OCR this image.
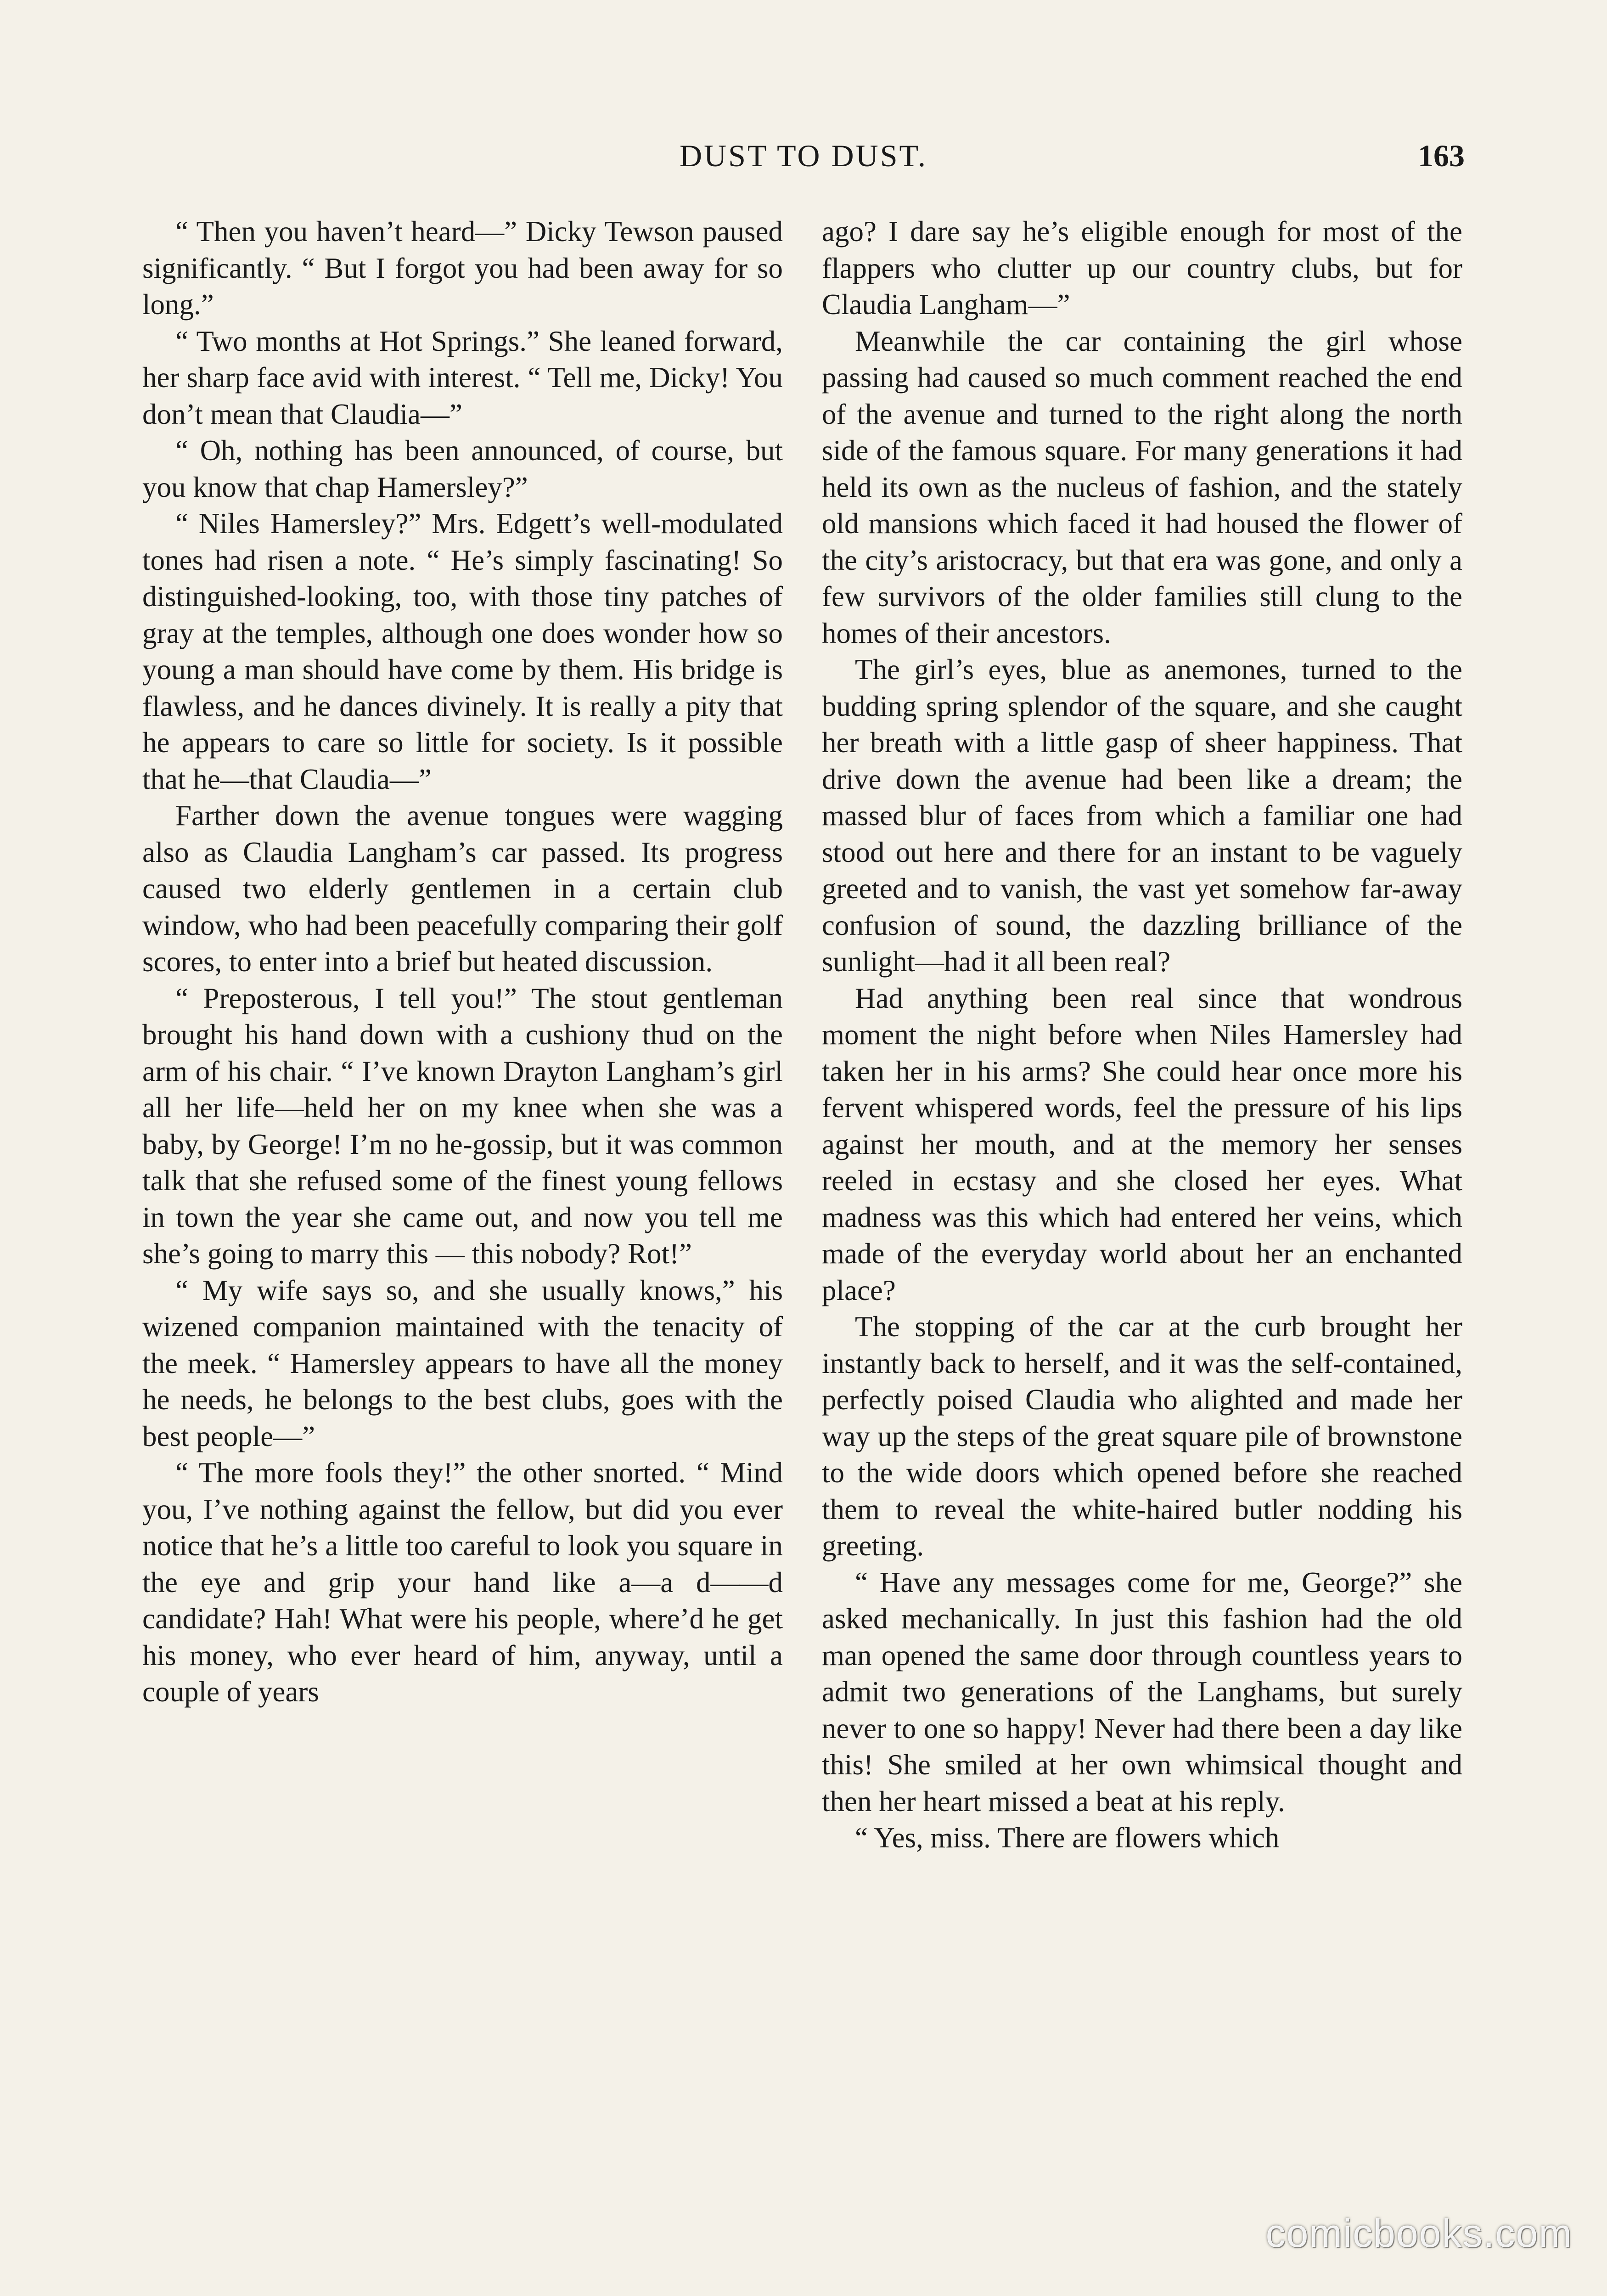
DUST TO DUST.	163

“ Then you haven’t heard—” Dicky Tewson paused significantly. “ But I forgot you had been away for so long.”

“ Two months at Hot Springs.” She leaned forward, her sharp face avid with interest. “ Tell me, Dicky! You don’t mean that Claudia—”

“ Oh, nothing has been announced, of course, but you know that chap Hamersley?”

“ Niles Hamersley?” Mrs. Edgett’s well-modulated tones had risen a note. “ He’s simply fascinating! So distinguished-looking, too, with those tiny patches of gray at the temples, although one does wonder how so young a man should have come by them. His bridge is flawless, and he dances divinely. It is really a pity that he appears to care so little for society. Is it possible that he—that Claudia—”

Farther down the avenue tongues were wagging also as Claudia Langham’s car passed. Its progress caused two elderly gentlemen in a certain club window, who had been peacefully comparing their golf scores, to enter into a brief but heated discussion.

“ Preposterous, I tell you!” The stout gentleman brought his hand down with a cushiony thud on the arm of his chair. “ I’ve known Drayton Langham’s girl all her life—held her on my knee when she was a baby, by George! I’m no he-gossip, but it was common talk that she refused some of the finest young fellows in town the year she came out, and now you tell me she’s going to marry this — this nobody? Rot!”

“ My wife says so, and she usually knows,” his wizened companion maintained with the tenacity of the meek. “ Hamersley appears to have all the money he needs, he belongs to the best clubs, goes with the best people—”

“ The more fools they!” the other snorted. “ Mind you, I’ve nothing against the fellow, but did you ever notice that he’s a little too careful to look you square in the eye and grip your hand like a—a d——d candidate? Hah! What were his people, where’d he get his money, who ever heard of him, anyway, until a couple of years

ago? I dare say he’s eligible enough for most of the flappers who clutter up our country clubs, but for Claudia Langham—”

Meanwhile the car containing the girl whose passing had caused so much comment reached the end of the avenue and turned to the right along the north side of the famous square. For many generations it had held its own as the nucleus of fashion, and the stately old mansions which faced it had housed the flower of the city’s aristocracy, but that era was gone, and only a few survivors of the older families still clung to the homes of their ancestors.

The girl’s eyes, blue as anemones, turned to the budding spring splendor of the square, and she caught her breath with a little gasp of sheer happiness. That drive down the avenue had been like a dream; the massed blur of faces from which a familiar one had stood out here and there for an instant to be vaguely greeted and to vanish, the vast yet somehow far-away confusion of sound, the dazzling brilliance of the sunlight—had it all been real?

Had anything been real since that wondrous moment the night before when Niles Hamersley had taken her in his arms? She could hear once more his fervent whispered words, feel the pressure of his lips against her mouth, and at the memory her senses reeled in ecstasy and she closed her eyes. What madness was this which had entered her veins, which made of the everyday world about her an enchanted place?

The stopping of the car at the curb brought her instantly back to herself, and it was the self-contained, perfectly poised Claudia who alighted and made her way up the steps of the great square pile of brownstone to the wide doors which opened before she reached them to reveal the white-haired butler nodding his greeting.

“ Have any messages come for me, George?” she asked mechanically. In just this fashion had the old man opened the same door through countless years to admit two generations of the Langhams, but surely never to one so happy! Never had there been a day like this! She smiled at her own whimsical thought and then her heart missed a beat at his reply.

“ Yes, miss. There are flowers which

comicbooks.com
